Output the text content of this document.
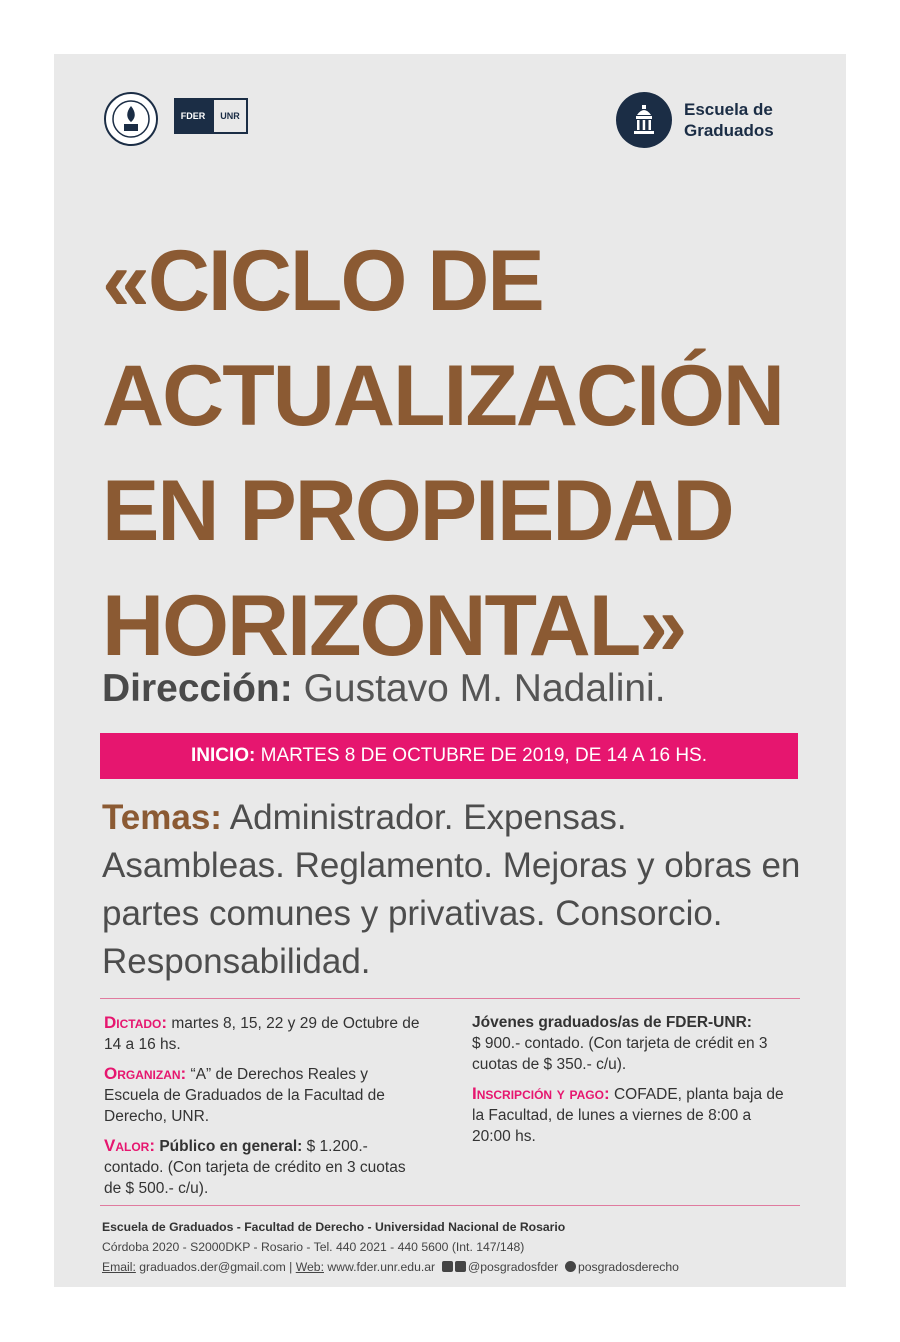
FDER	UNR	Escuela de
Graduados
«CICLO DE
ACTUALIZACIÓN
EN PROPIEDAD
HORIZONTAL»
Dirección: Gustavo M. Nadalini.
INICIO:
MARTES 8 DE OCTUBRE DE 2019, DE 14 A 16 HS.
Temas: Administrador. Expensas. Asambleas. Reglamento. Mejoras y obras en partes comunes y privativas. Consorcio. Responsabilidad.

Dictado: martes 8, 15, 22 y 29 de Octubre de 14 a 16 hs.

Organizan: “A” de Derechos Reales y Escuela de Graduados de la Facultad de Derecho, UNR.

Valor: Público en general: $ 1.200.- contado. (Con tarjeta de crédito en 3 cuotas de $ 500.- c/u).

Jóvenes graduados/as de FDER-UNR:
$ 900.- contado. (Con tarjeta de crédit en 3 cuotas de $ 350.- c/u).

Inscripción y pago: COFADE, planta baja de la Facultad, de lunes a viernes de 8:00 a 20:00 hs.

Escuela de Graduados - Facultad de Derecho - Universidad Nacional de Rosario
Córdoba 2020 - S2000DKP - Rosario - Tel. 440 2021 - 440 5600 (Int. 147/148)
Email: graduados.der@gmail.com | Web: www.fder.unr.edu.ar	@posgradosfder posgradosderecho
